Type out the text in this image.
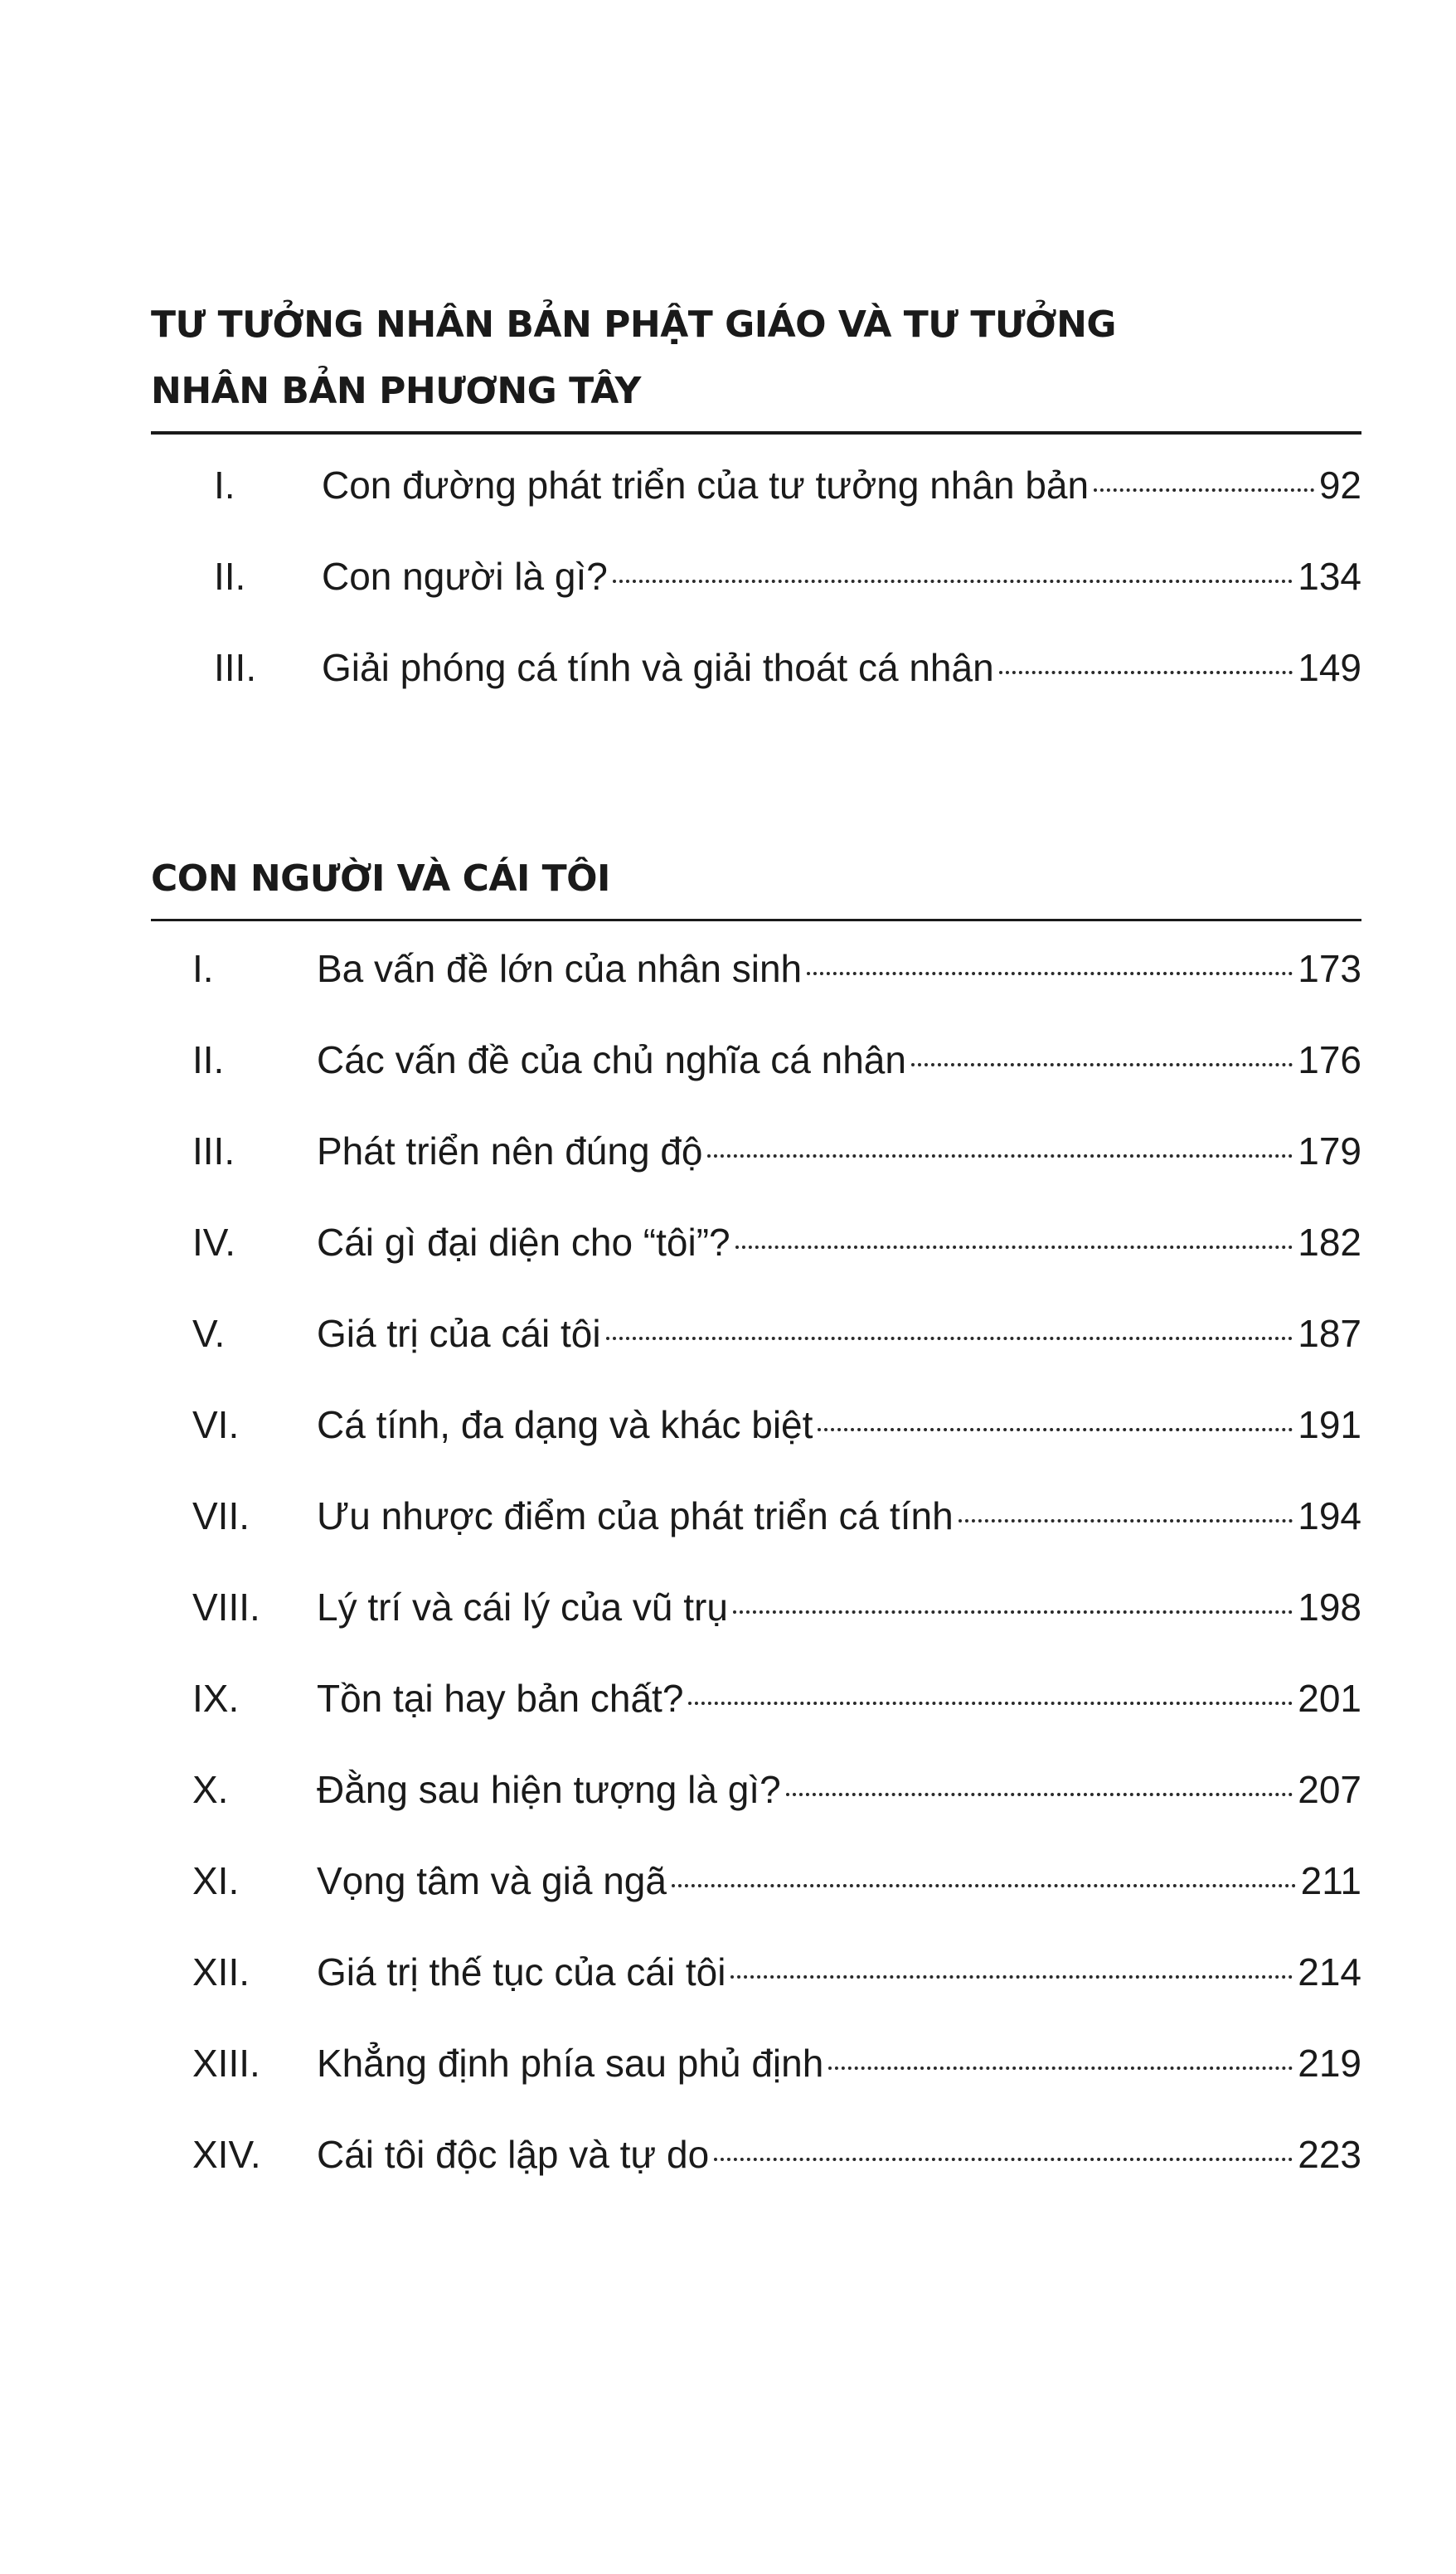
TƯ TƯỞNG NHÂN BẢN PHẬT GIÁO VÀ TƯ TƯỞNG
NHÂN BẢN PHƯƠNG TÂY
I.	Con đường phát triển của tư tưởng nhân bản	92
II.	Con người là gì?	134
III. Giải phóng cá tính và giải thoát cá nhân	149
CON NGƯỜI VÀ CÁI TÔI
I.	Ba vấn đề lớn của nhân sinh	173
II.	Các vấn đề của chủ nghĩa cá nhân	176
III.	Phát triển nên đúng độ	179
IV.	Cái gì đại diện cho “tôi”?	182
V.	Giá trị của cái tôi	187
VI.	Cá tính, đa dạng và khác biệt	191
VII.	Ưu nhược điểm của phát triển cá tính	194
VIII.	Lý trí và cái lý của vũ trụ	198
IX.	Tồn tại hay bản chất?	201
X.	Đằng sau hiện tượng là gì?	207
XI.	Vọng tâm và giả ngã	211
XII.	Giá trị thế tục của cái tôi	214
XIII.	Khẳng định phía sau phủ định	219
XIV.	Cái tôi độc lập và tự do	223
